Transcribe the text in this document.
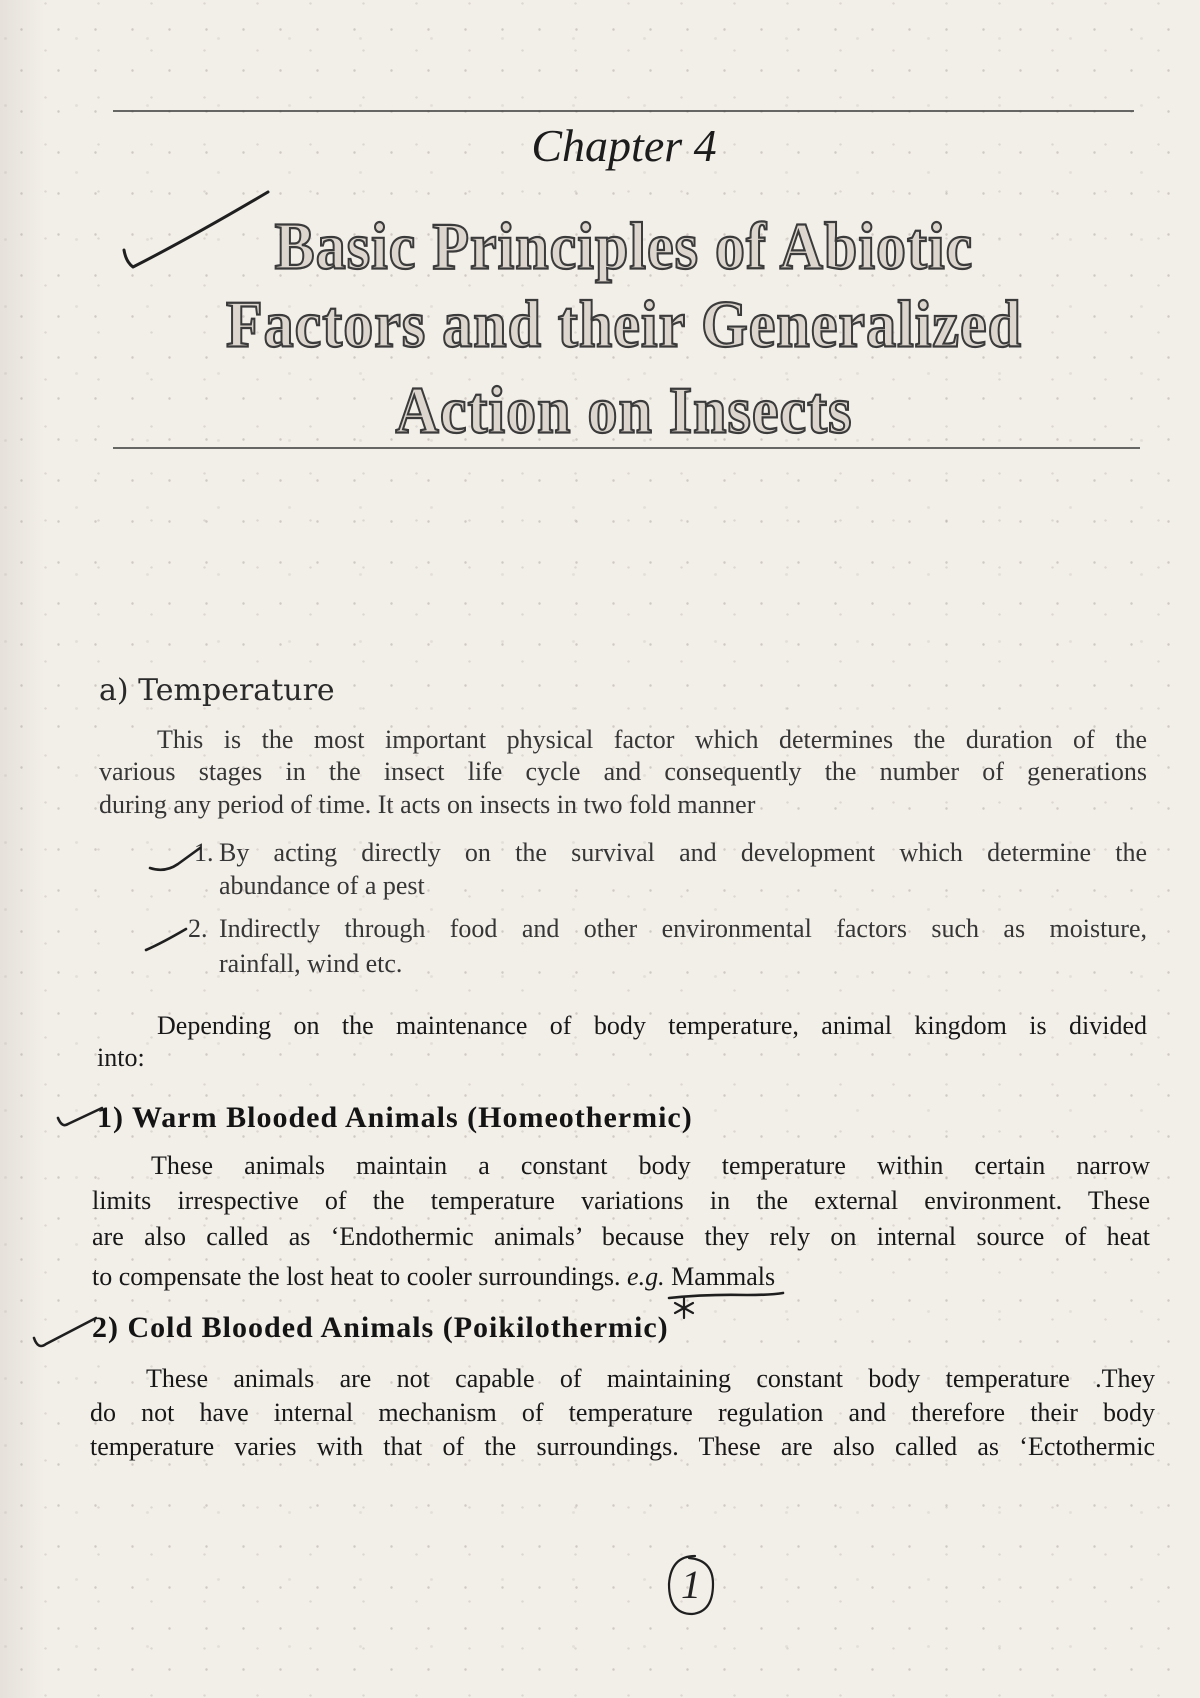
Chapter 4
Basic Principles of Abiotic
Factors and their Generalized
Action on Insects
a) Temperature
This is the most important physical factor which determines the duration of the
various stages in the insect life cycle and consequently the number of generations
during any period of time. It acts on insects in two fold manner
1. By acting directly on the survival and development which determine the
abundance of a pest
2. Indirectly through food and other environmental factors such as moisture,
rainfall, wind etc.
Depending on the maintenance of body temperature, animal kingdom is divided
into:
1) Warm Blooded Animals (Homeothermic)
These animals maintain a constant body temperature within certain narrow
limits irrespective of the temperature variations in the external environment. These
are also called as ‘Endothermic animals’ because they rely on internal source of heat
to compensate the lost heat to cooler surroundings. e.g. Mammals
2) Cold Blooded Animals (Poikilothermic)
These animals are not capable of maintaining constant body temperature .They
do not have internal mechanism of temperature regulation and therefore their body
temperature varies with that of the surroundings. These are also called as ‘Ectothermic
1
